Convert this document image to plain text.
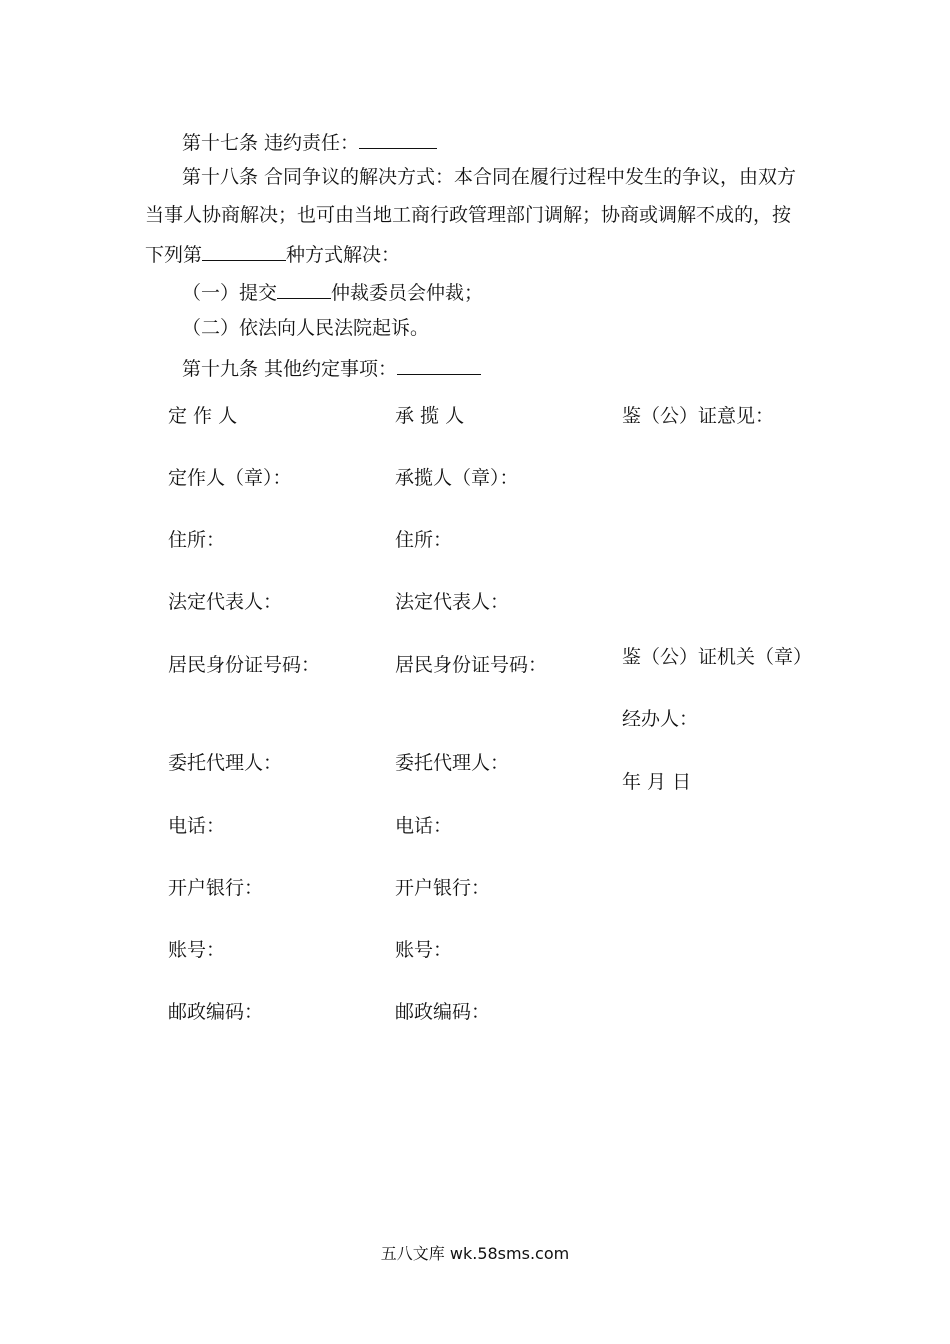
第十七条 违约责任：
第十八条 合同争议的解决方式：本合同在履行过程中发生的争议，由双方
当事人协商解决；也可由当地工商行政管理部门调解；协商或调解不成的，按
下列第	种方式解决：
（一）提交	仲裁委员会仲裁；
（二）依法向人民法院起诉。
第十九条 其他约定事项：
定 作 人
定作人（章）：
住所：
法定代表人：
居民身份证号码：
委托代理人：
电话：
开户银行：
账号：
邮政编码：
承 揽 人
承揽人（章）：
住所：
法定代表人：
居民身份证号码：
委托代理人：
电话：
开户银行：
账号：
邮政编码：
鉴（公）证意见：
鉴（公）证机关（章）
经办人：
年 月 日
五八文库 wk.58sms.com
